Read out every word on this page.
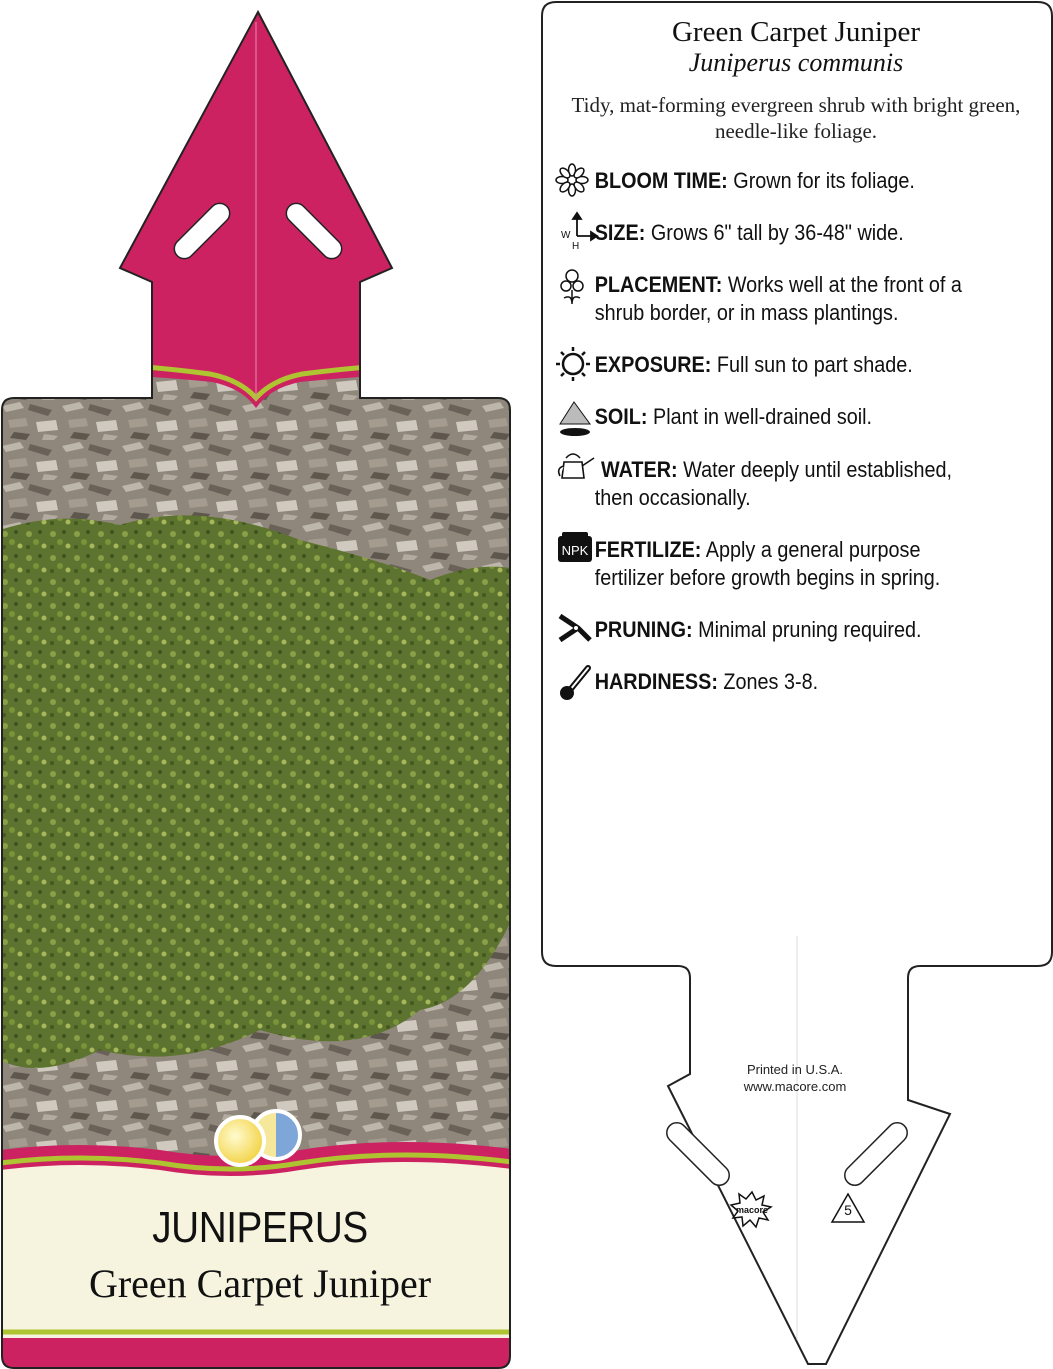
NPK
W
H
JUNIPERUS
Green Carpet Juniper
Green Carpet Juniper
Juniperus communis
Tidy, mat-forming evergreen shrub with bright green, needle-like foliage.
BLOOM TIME: Grown for its foliage.
SIZE: Grows 6" tall by 36-48" wide.
PLACEMENT: Works well at the front of a
shrub border, or in mass plantings.
EXPOSURE: Full sun to part shade.
SOIL: Plant in well-drained soil.
WATER: Water deeply until established,
then occasionally.
FERTILIZE: Apply a general purpose
fertilizer before growth begins in spring.
PRUNING: Minimal pruning required.
HARDINESS: Zones 3-8.
Printed in U.S.A.
www.macore.com
macore	5
